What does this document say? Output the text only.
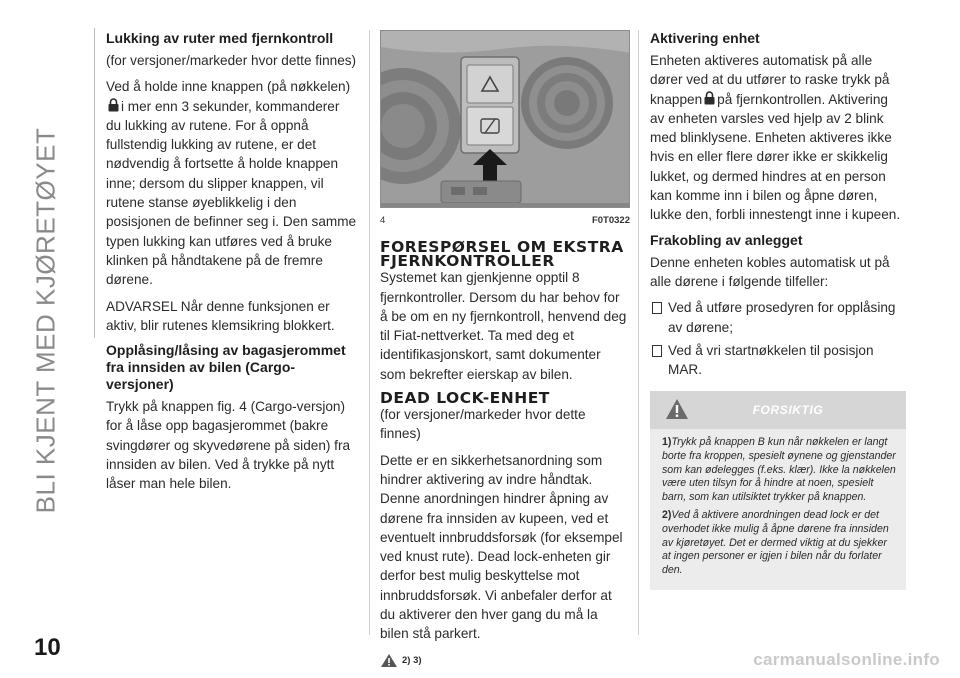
BLI KJENT MED KJØRETØYET
10	carmanualsonline.info
Lukking av ruter med fjernkontroll

(for versjoner/markeder hvor dette finnes)

Ved å holde inne knappen (på nøkkelen)i mer enn 3 sekunder, kommanderer du lukking av rutene. For å oppnå fullstendig lukking av rutene, er det nødvendig å fortsette å holde knappen inne; dersom du slipper knappen, vil rutene stanse øyeblikkelig i den posisjonen de befinner seg i. Den samme typen lukking kan utføres ved å bruke klinken på håndtakene på de fremre dørene.

ADVARSEL Når denne funksjonen er aktiv, blir rutenes klemsikring blokkert.

Opplåsing/låsing av bagasjerommet fra innsiden av bilen (Cargo-versjoner)

Trykk på knappen fig. 4 (Cargo-versjon) for å låse opp bagasjerommet (bakre svingdører og skyvedørene på siden) fra innsiden av bilen. Ved å trykke på nytt låser man hele bilen.

4	F0T0322
FORESPØRSEL OM EKSTRA FJERNKONTROLLER

Systemet kan gjenkjenne opptil 8 fjernkontroller. Dersom du har behov for å be om en ny fjernkontroll, henvend deg til Fiat-nettverket. Ta med deg et identifikasjonskort, samt dokumenter som bekrefter eierskap av bilen.

DEAD LOCK-ENHET

(for versjoner/markeder hvor dette finnes)

Dette er en sikkerhetsanordning som hindrer aktivering av indre håndtak. Denne anordningen hindrer åpning av dørene fra innsiden av kupeen, ved et eventuelt innbruddsforsøk (for eksempel ved knust rute). Dead lock-enheten gir derfor best mulig beskyttelse mot innbruddsforsøk. Vi anbefaler derfor at du aktiverer den hver gang du må la bilen stå parkert.

2) 3)
Aktivering enhet

Enheten aktiveres automatisk på alle dører ved at du utfører to raske trykk på knappen på fjernkontrollen. Aktivering av enheten varsles ved hjelp av 2 blink med blinklysene. Enheten aktiveres ikke hvis en eller flere dører ikke er skikkelig lukket, og dermed hindres at en person kan komme inn i bilen og åpne døren, lukke den, forbli innestengt inne i kupeen.

Frakobling av anlegget

Denne enheten kobles automatisk ut på alle dørene i følgende tilfeller:

Ved å utføre prosedyren for opplåsing av dørene;
Ved å vri startnøkkelen til posisjon MAR.
FORSIKTIG

1)Trykk på knappen B kun når nøkkelen er langt borte fra kroppen, spesielt øynene og gjenstander som kan ødelegges (f.eks. klær). Ikke la nøkkelen være uten tilsyn for å hindre at noen, spesielt barn, som kan utilsiktet trykker på knappen.

2)Ved å aktivere anordningen dead lock er det overhodet ikke mulig å åpne dørene fra innsiden av kjøretøyet. Det er dermed viktig at du sjekker at ingen personer er igjen i bilen når du forlater den.
